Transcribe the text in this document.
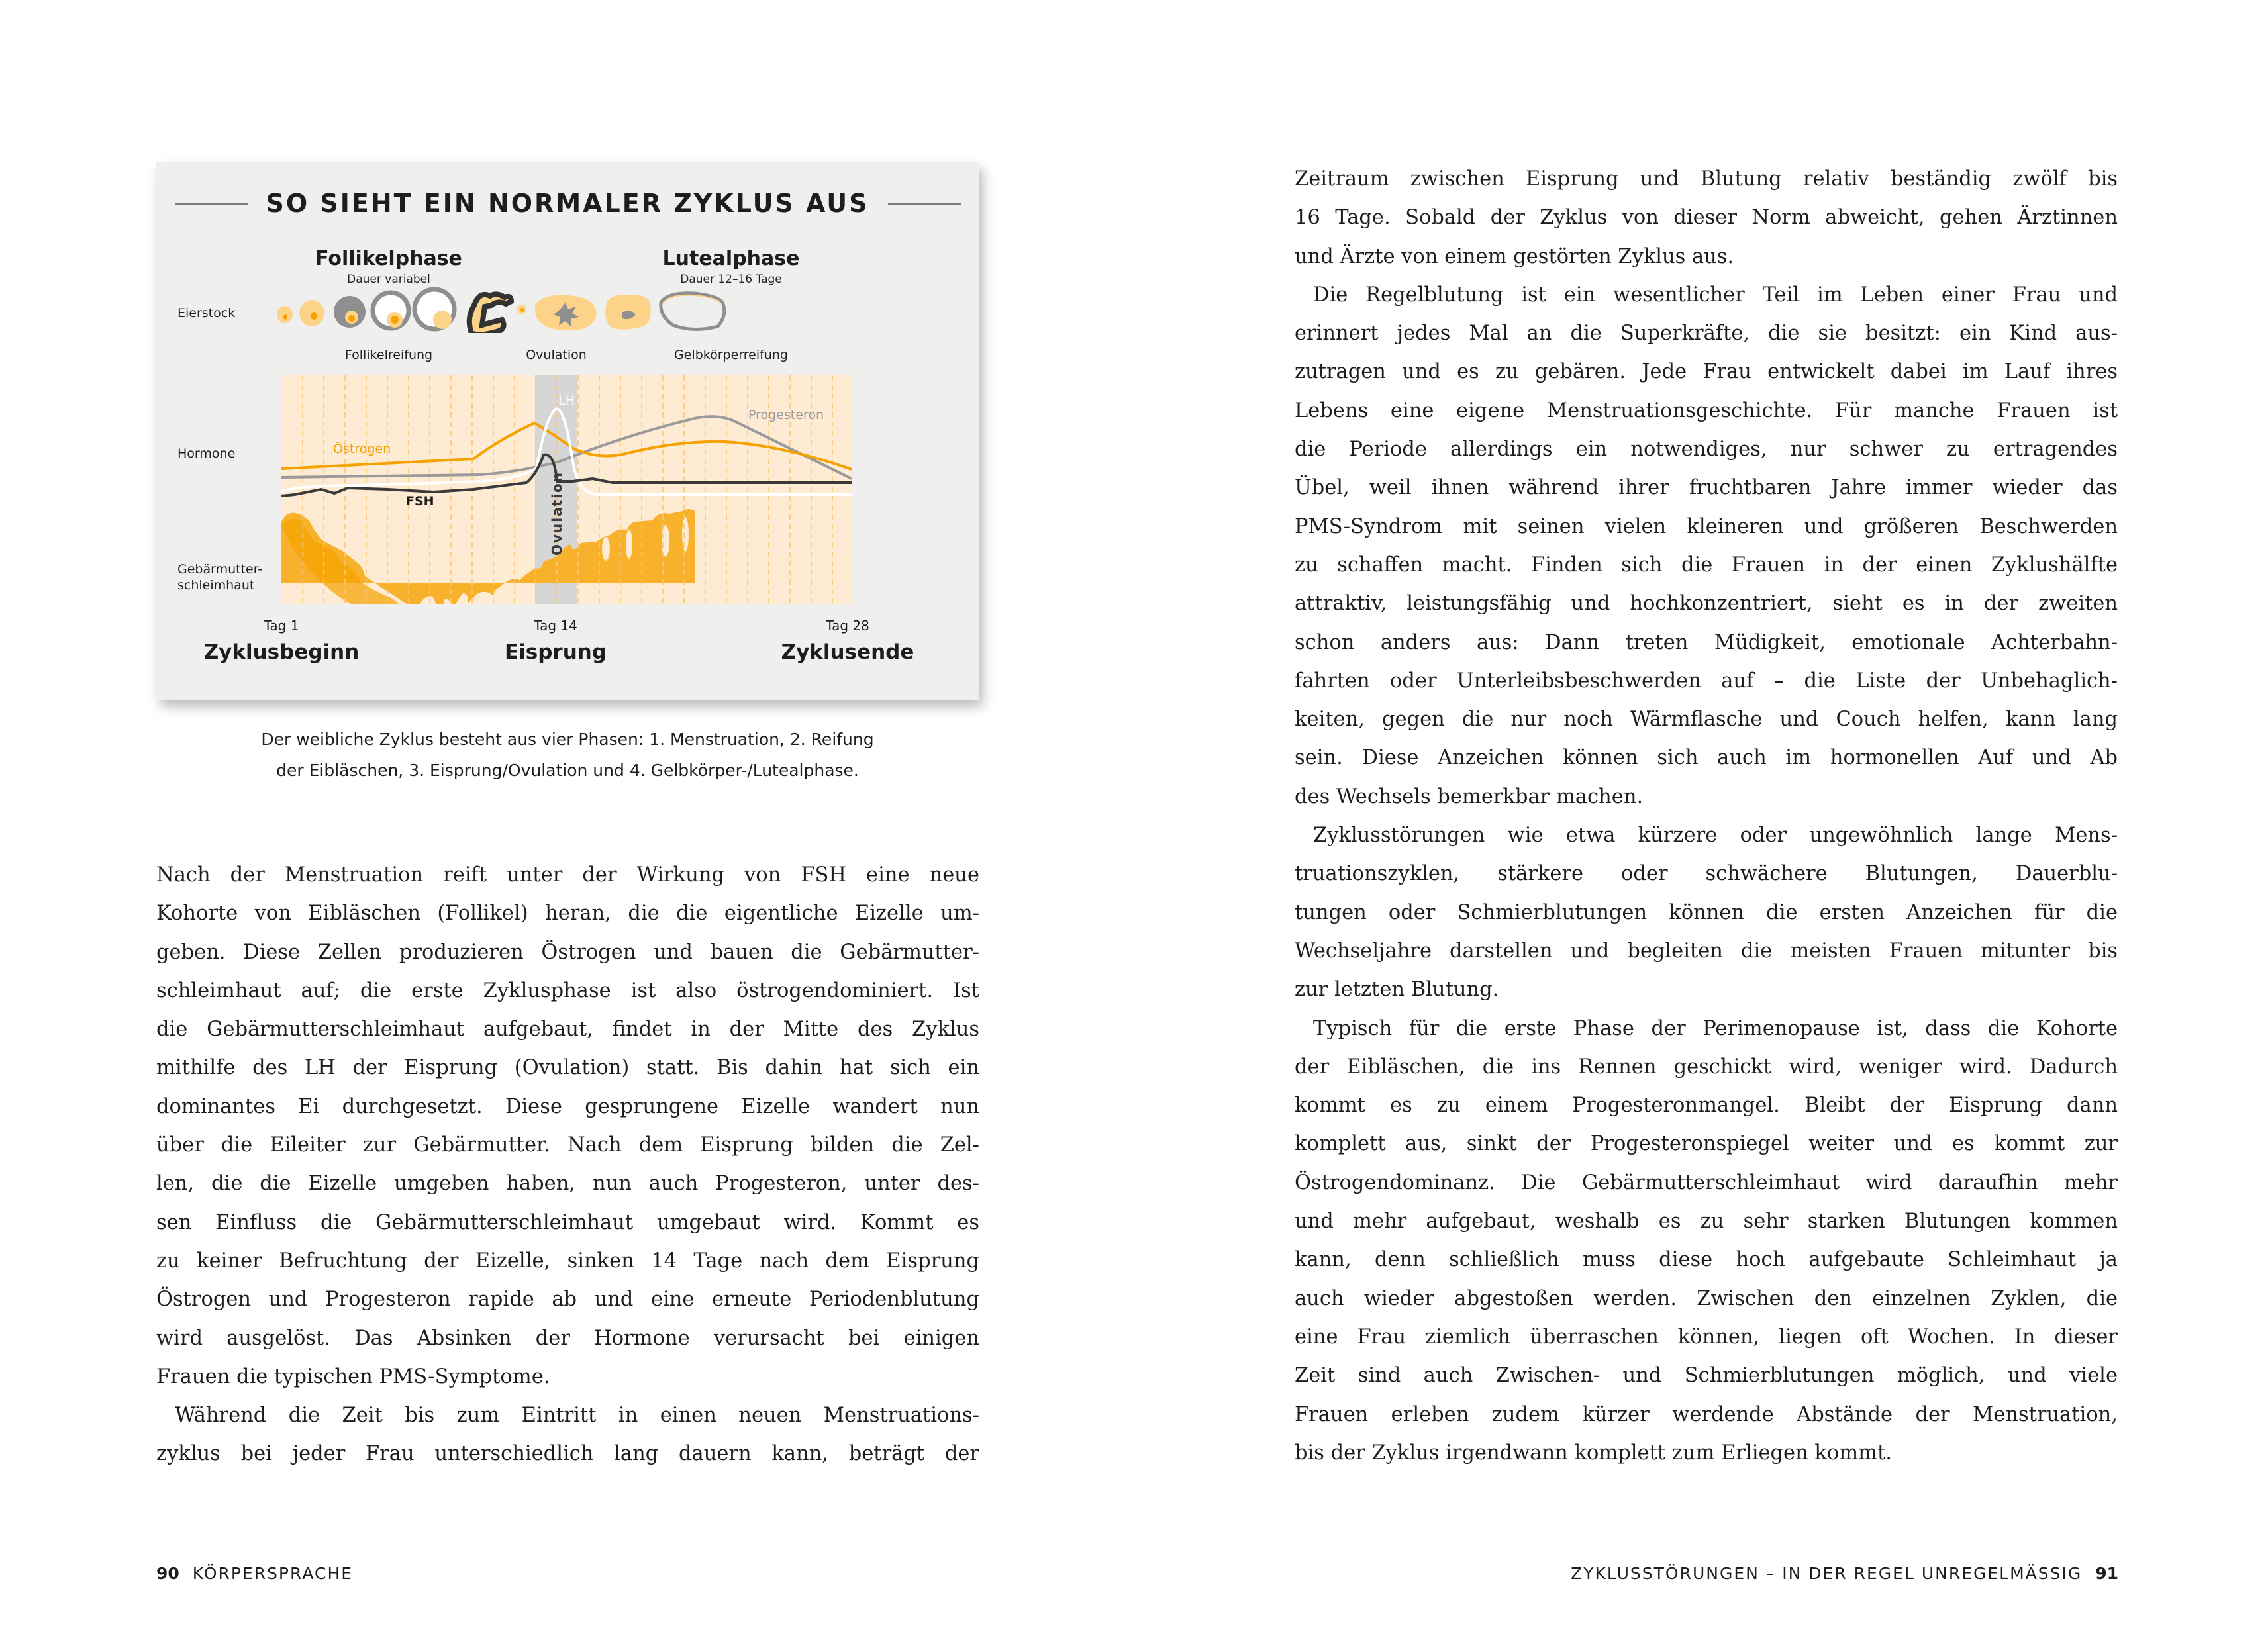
SO SIEHT EIN NORMALER ZYKLUS AUS
Follikelphase
Dauer variabel
Lutealphase
Dauer 12–16 Tage
Eierstock
Hormone
Gebärmutter-
schleimhaut
Follikelreifung	Ovulation	Gelbkörperreifung
Östrogen
Progesteron
LH
FSH	Ovulation
Tag 1	Tag 14	Tag 28
Zyklusbeginn	Eisprung	Zyklusende
Der weibliche Zyklus besteht aus vier Phasen: 1. Menstruation, 2. Reifung
der Eibläschen, 3. Eisprung/Ovulation und 4. Gelbkörper-/Lutealphase.
Nach der Menstruation reift unter der Wirkung von FSH eine neue
Kohorte von Eibläschen (Follikel) heran, die die eigentliche Eizelle um-
geben. Diese Zellen produzieren Östrogen und bauen die Gebärmutter-
schleimhaut auf; die erste Zyklusphase ist also östrogendominiert. Ist
die Gebärmutterschleimhaut aufgebaut, findet in der Mitte des Zyklus
mithilfe des LH der Eisprung (Ovulation) statt. Bis dahin hat sich ein
dominantes Ei durchgesetzt. Diese gesprungene Eizelle wandert nun
über die Eileiter zur Gebärmutter. Nach dem Eisprung bilden die Zel-
len, die die Eizelle umgeben haben, nun auch Progesteron, unter des-
sen Einfluss die Gebärmutterschleimhaut umgebaut wird. Kommt es
zu keiner Befruchtung der Eizelle, sinken 14 Tage nach dem Eisprung
Östrogen und Progesteron rapide ab und eine erneute Periodenblutung
wird ausgelöst. Das Absinken der Hormone verursacht bei einigen
Frauen die typischen PMS-Symptome.
Während die Zeit bis zum Eintritt in einen neuen Menstruations-
zyklus bei jeder Frau unterschiedlich lang dauern kann, beträgt der
90 KÖRPERSPRACHE
Zeitraum zwischen Eisprung und Blutung relativ beständig zwölf bis
16 Tage. Sobald der Zyklus von dieser Norm abweicht, gehen Ärztinnen
und Ärzte von einem gestörten Zyklus aus.
Die Regelblutung ist ein wesentlicher Teil im Leben einer Frau und
erinnert jedes Mal an die Superkräfte, die sie besitzt: ein Kind aus-
zutragen und es zu gebären. Jede Frau entwickelt dabei im Lauf ihres
Lebens eine eigene Menstruationsgeschichte. Für manche Frauen ist
die Periode allerdings ein notwendiges, nur schwer zu ertragendes
Übel, weil ihnen während ihrer fruchtbaren Jahre immer wieder das
PMS-Syndrom mit seinen vielen kleineren und größeren Beschwerden
zu schaffen macht. Finden sich die Frauen in der einen Zyklushälfte
attraktiv, leistungsfähig und hochkonzentriert, sieht es in der zweiten
schon anders aus: Dann treten Müdigkeit, emotionale Achterbahn-
fahrten oder Unterleibsbeschwerden auf – die Liste der Unbehaglich-
keiten, gegen die nur noch Wärmflasche und Couch helfen, kann lang
sein. Diese Anzeichen können sich auch im hormonellen Auf und Ab
des Wechsels bemerkbar machen.
Zyklusstörungen wie etwa kürzere oder ungewöhnlich lange Mens-
truationszyklen, stärkere oder schwächere Blutungen, Dauerblu-
tungen oder Schmierblutungen können die ersten Anzeichen für die
Wechseljahre darstellen und begleiten die meisten Frauen mitunter bis
zur letzten Blutung.
Typisch für die erste Phase der Perimenopause ist, dass die Kohorte
der Eibläschen, die ins Rennen geschickt wird, weniger wird. Dadurch
kommt es zu einem Progesteronmangel. Bleibt der Eisprung dann
komplett aus, sinkt der Progesteronspiegel weiter und es kommt zur
Östrogendominanz. Die Gebärmutterschleimhaut wird daraufhin mehr
und mehr aufgebaut, weshalb es zu sehr starken Blutungen kommen
kann, denn schließlich muss diese hoch aufgebaute Schleimhaut ja
auch wieder abgestoßen werden. Zwischen den einzelnen Zyklen, die
eine Frau ziemlich überraschen können, liegen oft Wochen. In dieser
Zeit sind auch Zwischen- und Schmierblutungen möglich, und viele
Frauen erleben zudem kürzer werdende Abstände der Menstruation,
bis der Zyklus irgendwann komplett zum Erliegen kommt.
ZYKLUSSTÖRUNGEN – IN DER REGEL UNREGELMÄSSIG 91
